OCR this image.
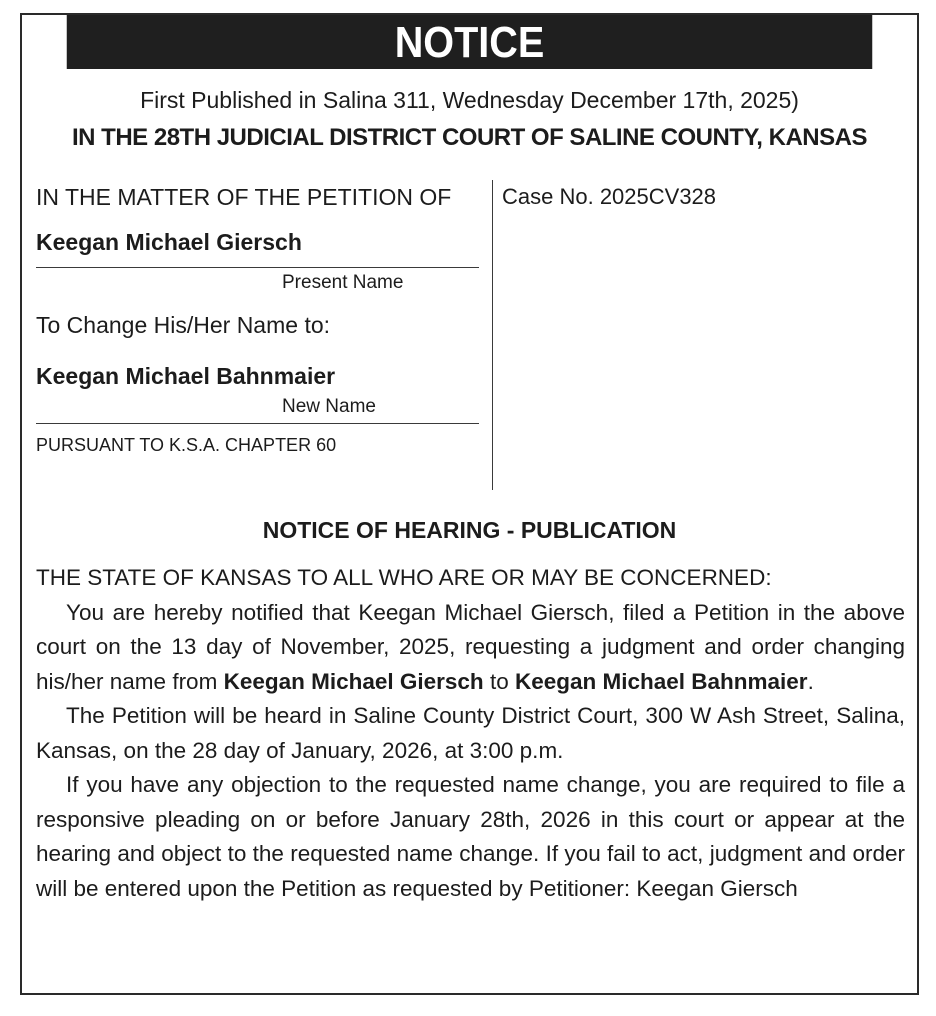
NOTICE
First Published in Salina 311, Wednesday December 17th, 2025)
IN THE 28TH JUDICIAL DISTRICT COURT OF SALINE COUNTY, KANSAS
IN THE MATTER OF THE PETITION OF
Keegan Michael Giersch
Present Name
To Change His/Her Name to:
Keegan Michael Bahnmaier
New Name
PURSUANT TO K.S.A. CHAPTER 60
Case No. 2025CV328
NOTICE OF HEARING - PUBLICATION

THE STATE OF KANSAS TO ALL WHO ARE OR MAY BE CONCERNED:

You are hereby notified that Keegan Michael Giersch, filed a Petition in the above court on the 13 day of November, 2025, requesting a judgment and order changing his/her name from Keegan Michael Giersch to Keegan Michael Bahnmaier.

The Petition will be heard in Saline County District Court, 300 W Ash Street, Salina, Kansas, on the 28 day of January, 2026, at 3:00 p.m.

If you have any objection to the requested name change, you are required to file a responsive pleading on or before January 28th, 2026 in this court or appear at the hearing and object to the requested name change. If you fail to act, judgment and order will be entered upon the Petition as requested by Petitioner: Keegan Giersch
